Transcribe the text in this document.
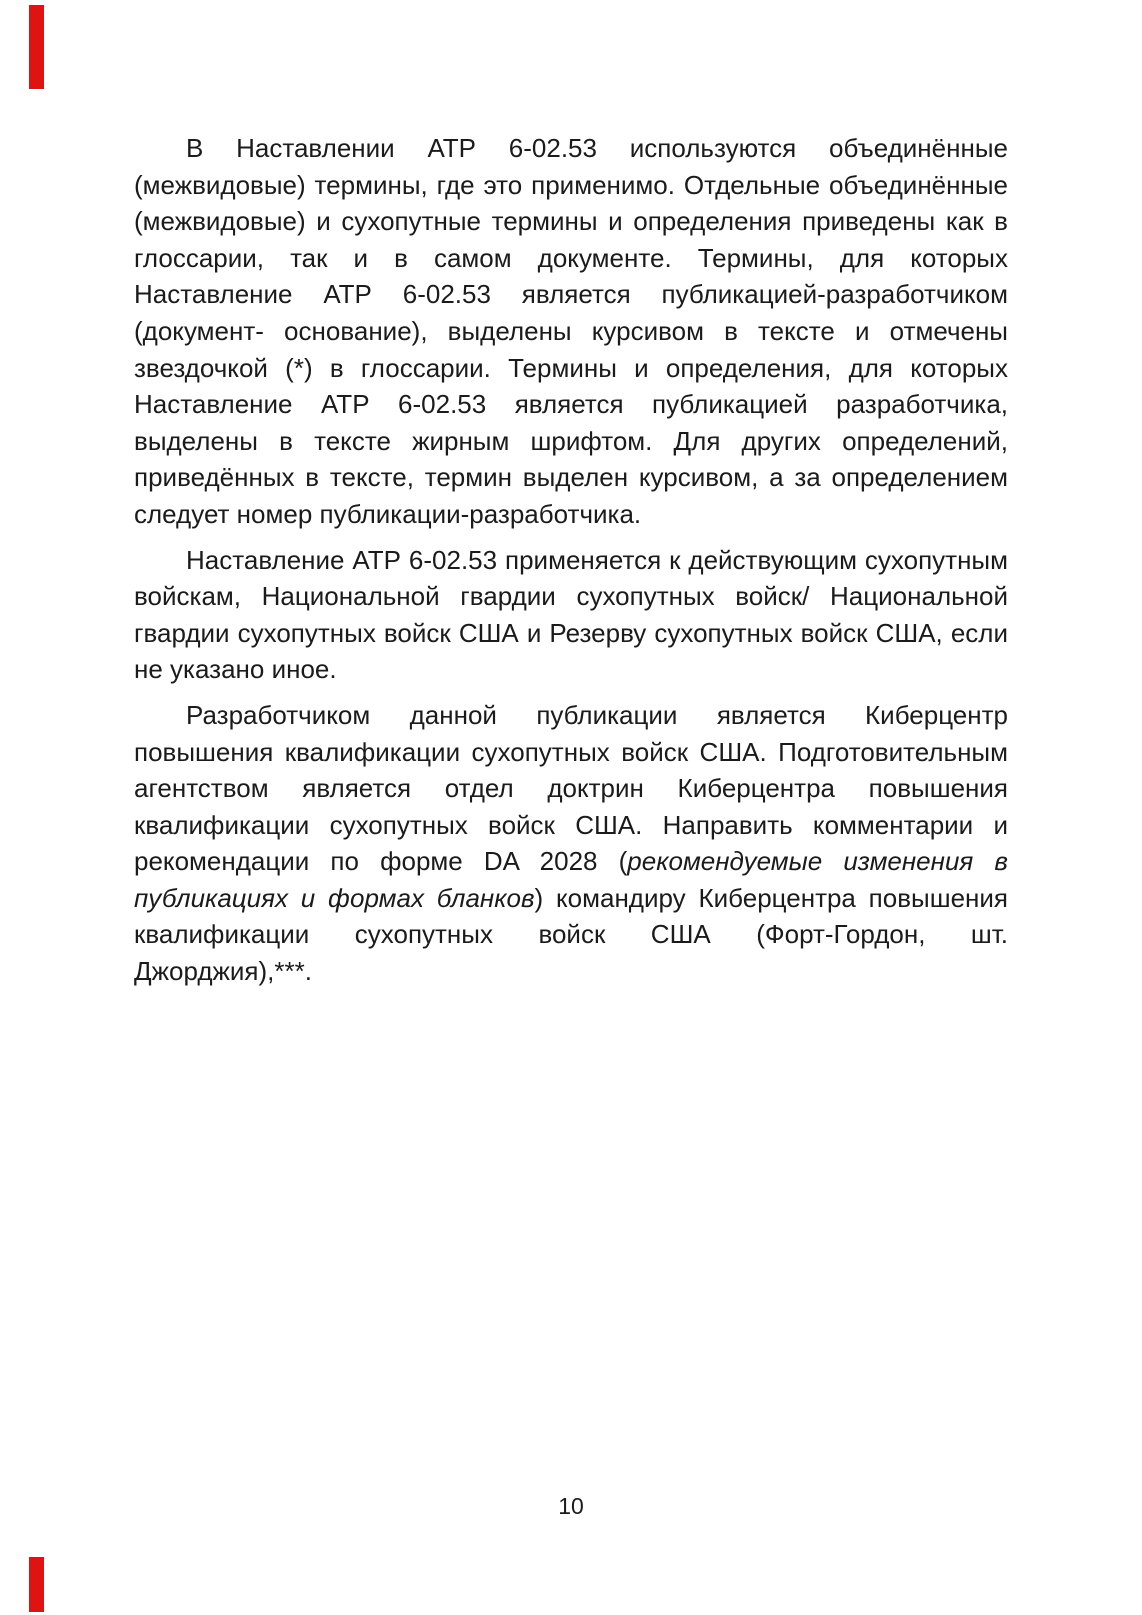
В Наставлении АТР 6-02.53 используются объединённые
(межвидовые) термины, где это применимо. Отдельные объединённые
(межвидовые) и сухопутные термины и определения приведены как в
глоссарии, так и в самом документе. Термины, для которых
Наставление АТР 6-02.53 является публикацией-разработчиком
(документ- основание), выделены курсивом в тексте и отмечены
звездочкой (*) в глоссарии. Термины и определения, для которых
Наставление АТР 6-02.53 является публикацией разработчика,
выделены в тексте жирным шрифтом. Для других определений,
приведённых в тексте, термин выделен курсивом, а за определением
следует номер публикации-разработчика.
Наставление АТР 6-02.53 применяется к действующим сухопутным
войскам, Национальной гвардии сухопутных войск/ Национальной
гвардии сухопутных войск США и Резерву сухопутных войск США, если
не указано иное.
Разработчиком данной публикации является Киберцентр
повышения квалификации сухопутных войск США. Подготовительным
агентством является отдел доктрин Киберцентра повышения
квалификации сухопутных войск США. Направить комментарии и
рекомендации по форме DA 2028 (рекомендуемые изменения в
публикациях и формах бланков) командиру Киберцентра повышения
квалификации сухопутных войск США (Форт-Гордон, шт.
Джорджия),***.
10
